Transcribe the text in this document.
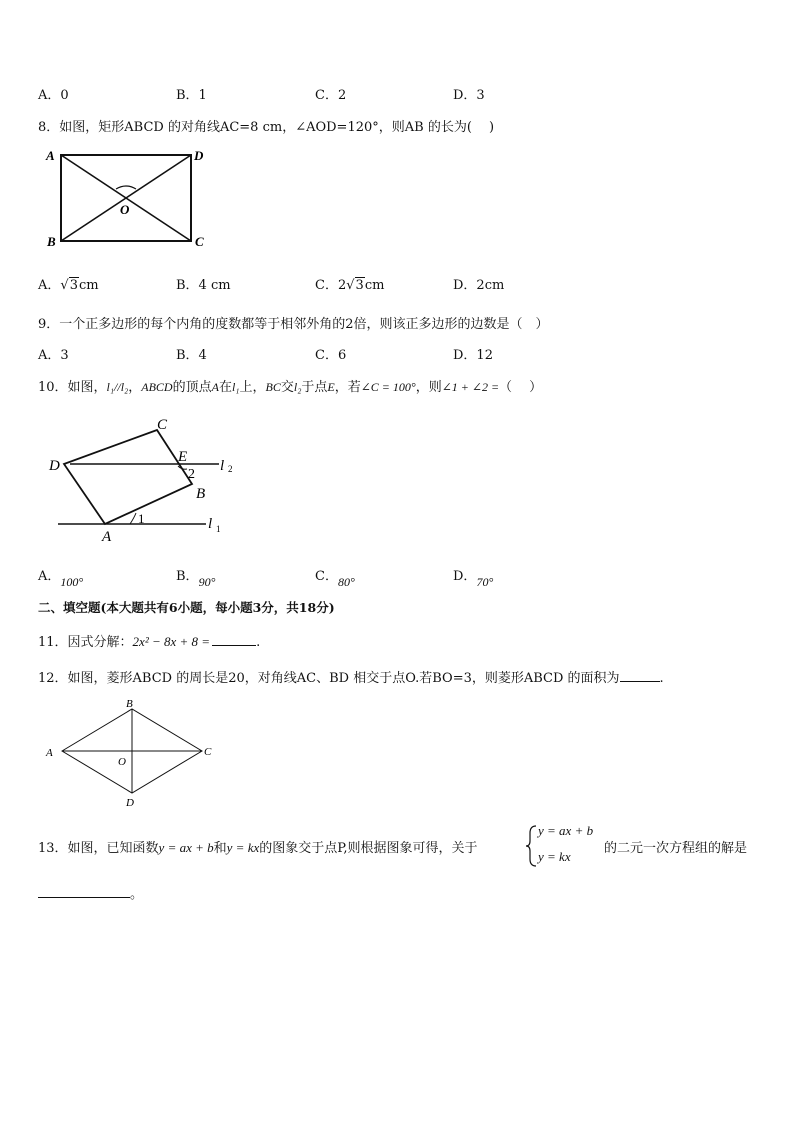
A．0	B．1	C．2	D．3
8．如图，矩形ABCD 的对角线AC=8 cm，∠AOD=120°，则AB 的长为(　 )
A	D
O
B	C
A．√3cm	B．4 cm	C．2√3cm	D．2cm
9．一个正多边形的每个内角的度数都等于相邻外角的2倍，则该正多边形的边数是（　）
A．3	B．4	C．6	D．12
10．如图，l₁//l₂，ABCD的顶点A在l₁上，BC交l₂于点E，若∠C = 100°，则∠1 + ∠2 =（　 ）
C
D
E
2
l 2
B
1	l 1
A
A．100°	B．90°	C．80°	D．70°
二、填空题(本大题共有6小题，每小题3分，共18分)
11．因式分解：2x² − 8x + 8 =	.
12．如图，菱形ABCD 的周长是20，对角线AC、BD 相交于点O.若BO=3，则菱形ABCD 的面积为	.
B
A	C
O
D
13．如图，已知函数y = ax + b和y = kx的图象交于点P,则根据图象可得，关于
y = ax + b
y = kx
的二元一次方程组的解是
。
